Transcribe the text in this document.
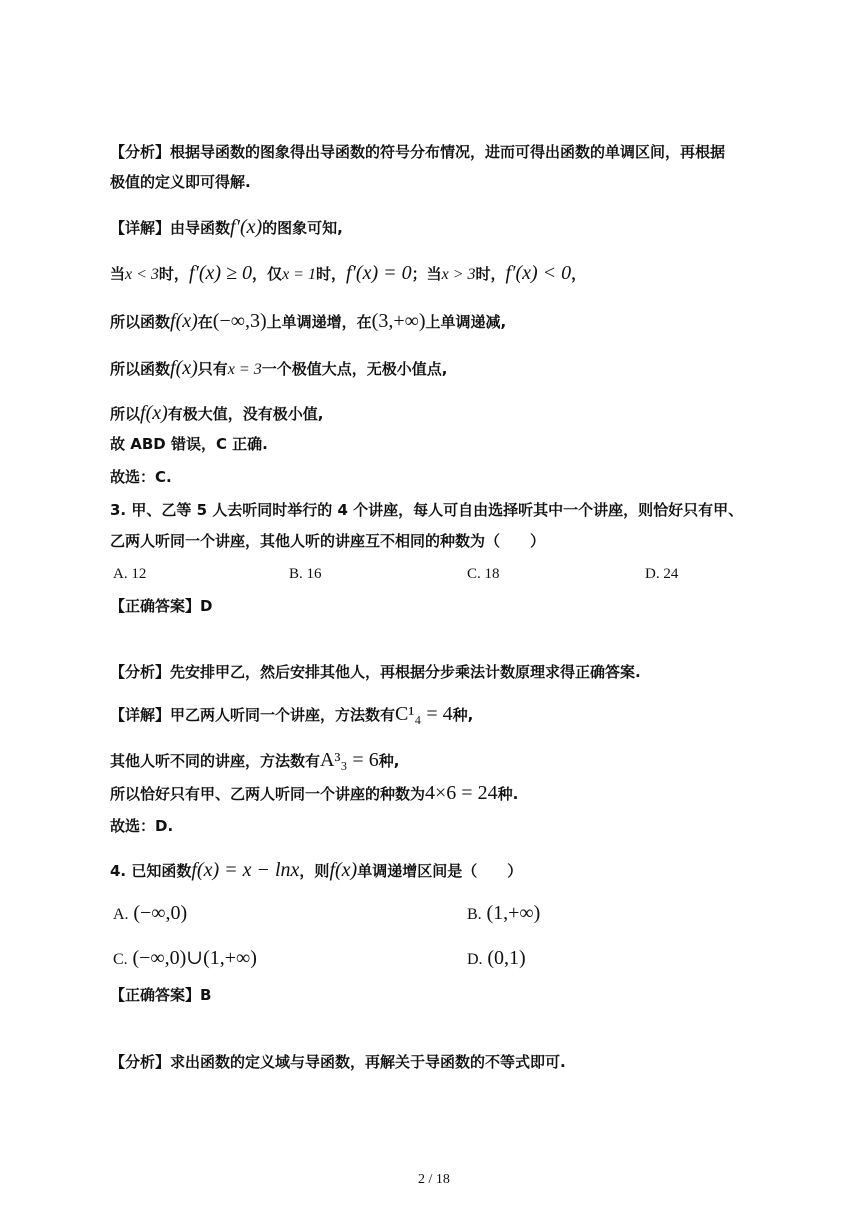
【分析】根据导函数的图象得出导函数的符号分布情况，进而可得出函数的单调区间，再根据
极值的定义即可得解.
【详解】由导函数f′(x)的图象可知,
当x < 3时，f′(x) ≥ 0，仅x = 1时，f′(x) = 0；当x > 3时，f′(x) < 0，
所以函数f(x)在(−∞,3)上单调递增，在(3,+∞)上单调递减,
所以函数f(x)只有x = 3一个极值大点，无极小值点,
所以f(x)有极大值，没有极小值,
故 ABD 错误，C 正确.
故选：C.
3. 甲、乙等 5 人去听同时举行的 4 个讲座，每人可自由选择听其中一个讲座，则恰好只有甲、
乙两人听同一个讲座，其他人听的讲座互不相同的种数为（　　）
A. 12	B. 16	C. 18	D. 24
【正确答案】D
【分析】先安排甲乙，然后安排其他人，再根据分步乘法计数原理求得正确答案.
【详解】甲乙两人听同一个讲座，方法数有C¹₄ = 4种,
其他人听不同的讲座，方法数有A³₃ = 6种,
所以恰好只有甲、乙两人听同一个讲座的种数为4×6 = 24种.
故选：D.
4. 已知函数f(x) = x − lnx，则f(x)单调递增区间是（　　）
A. (−∞,0)	B. (1,+∞)
C. (−∞,0)∪(1,+∞)	D. (0,1)
【正确答案】B
【分析】求出函数的定义域与导函数，再解关于导函数的不等式即可.
2 / 18
